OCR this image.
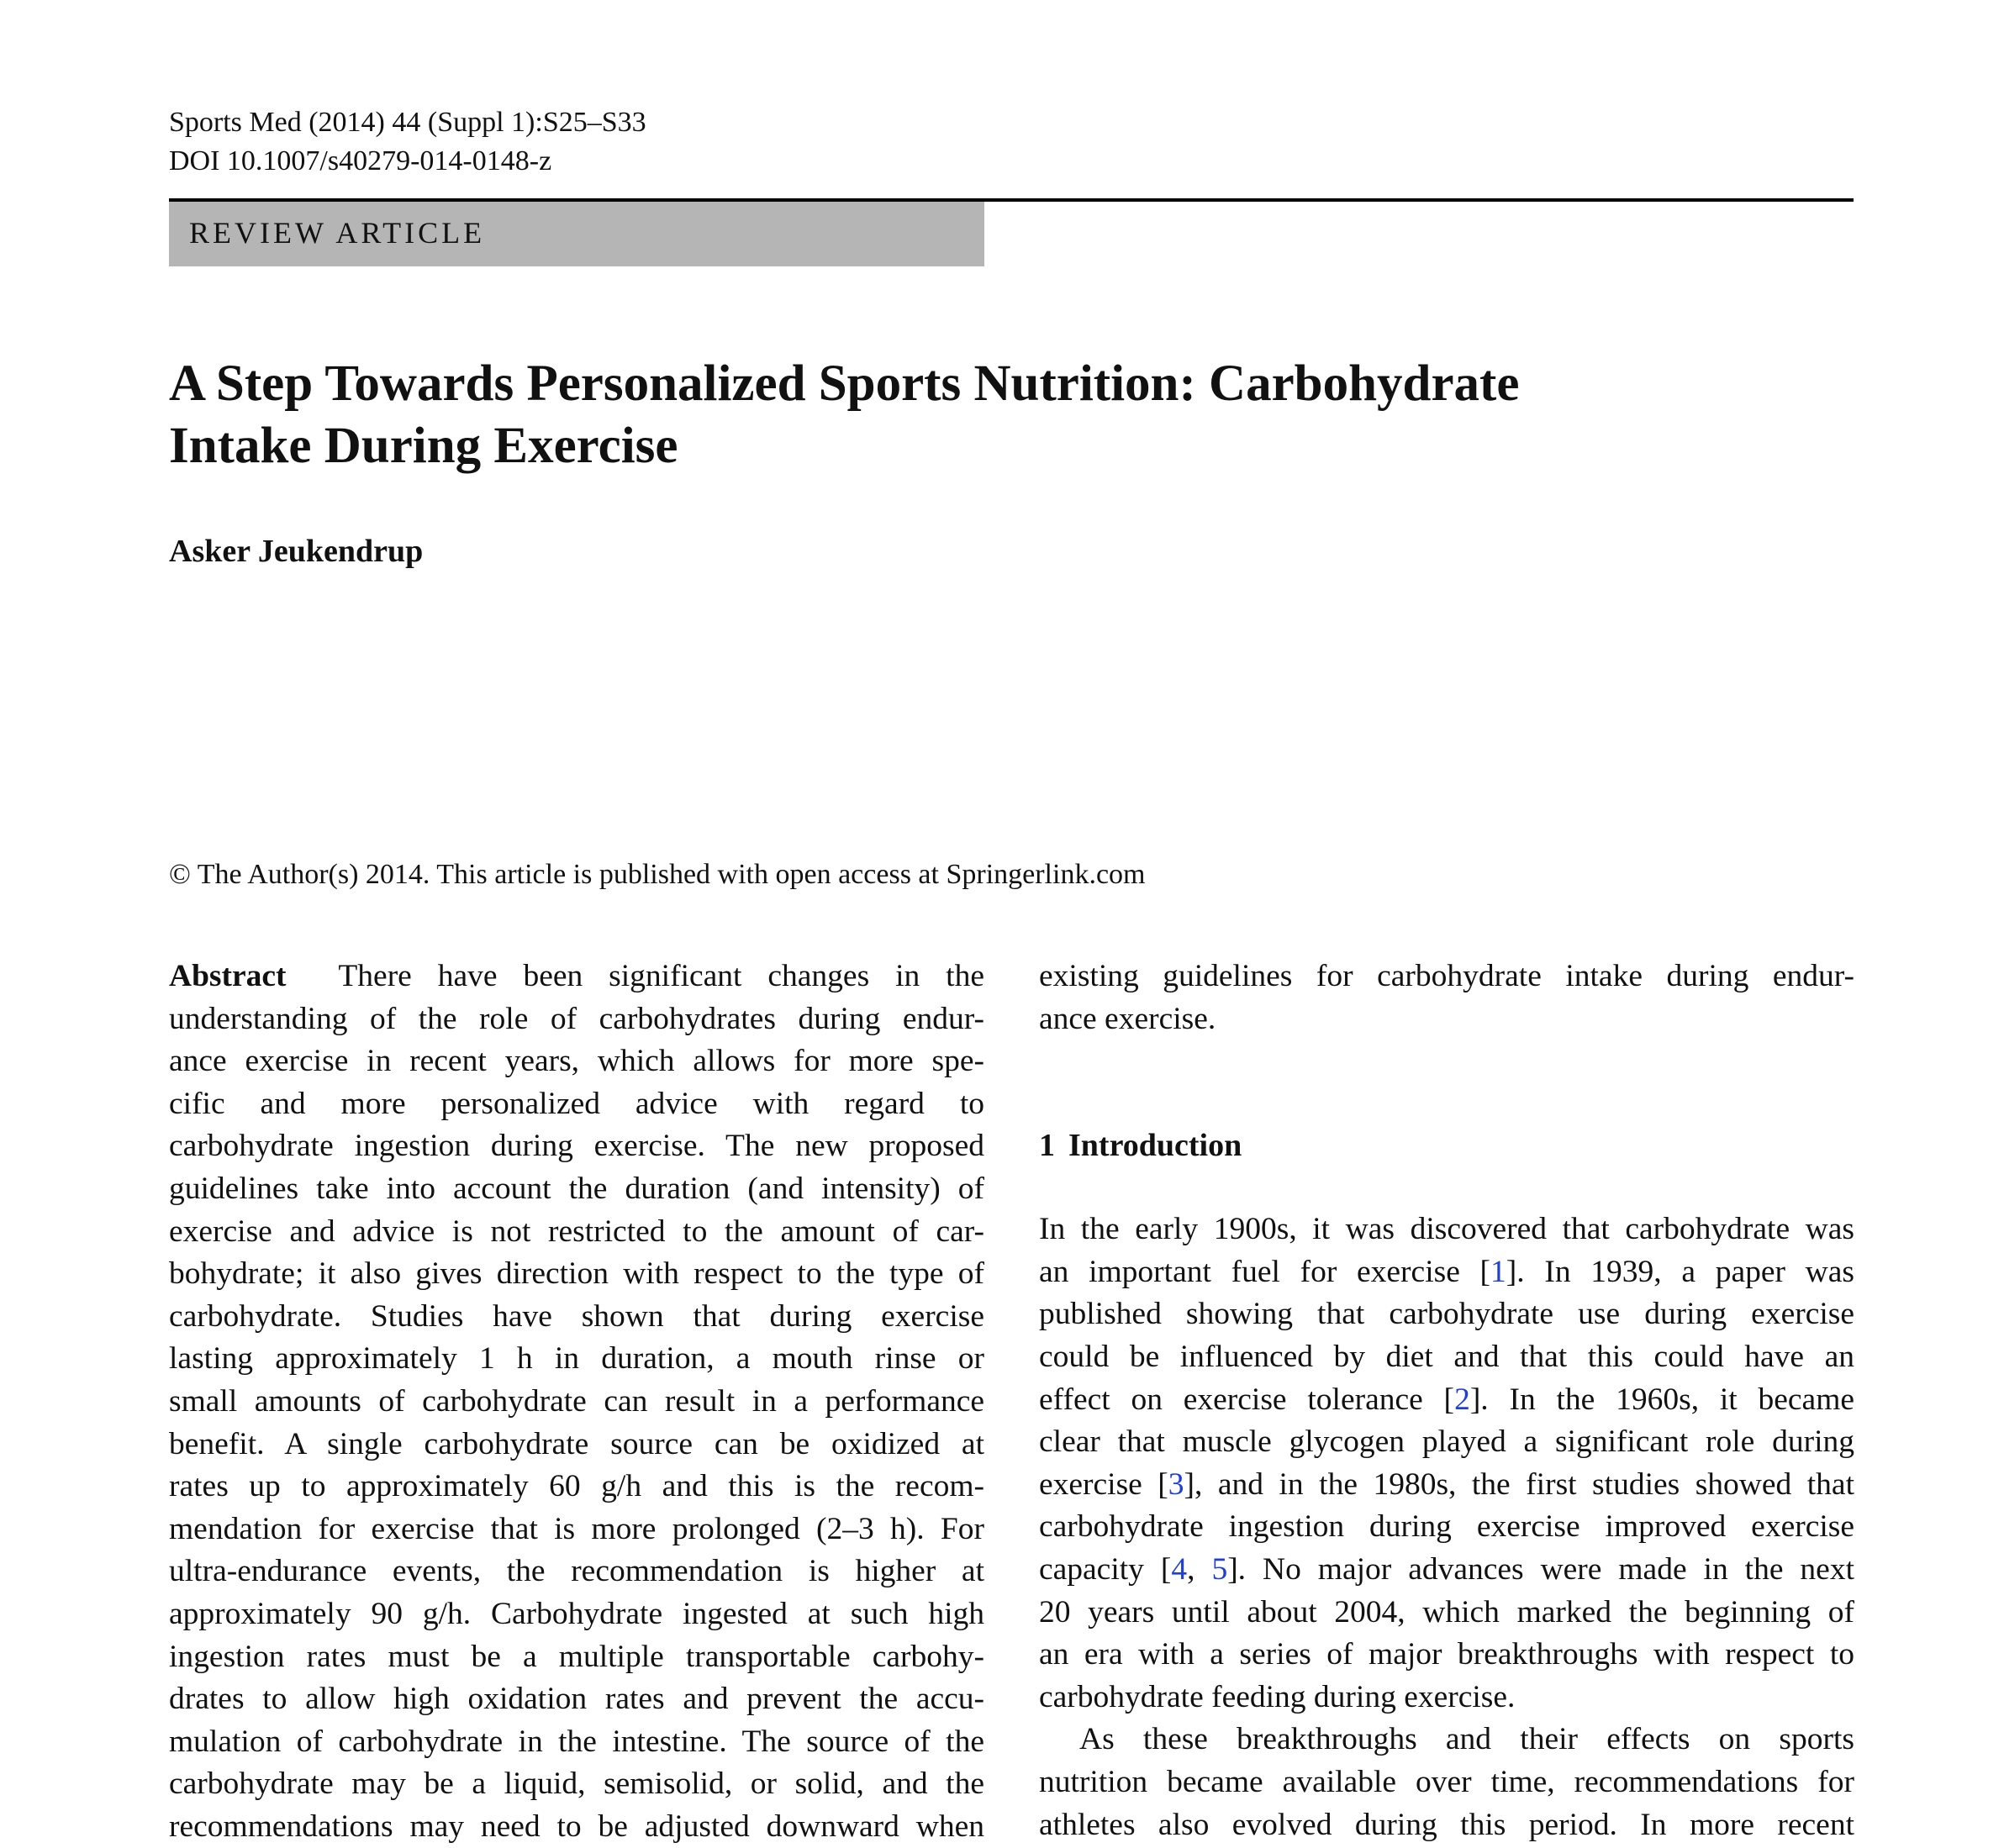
Sports Med (2014) 44 (Suppl 1):S25–S33
DOI 10.1007/s40279-014-0148-z
REVIEW ARTICLE
A Step Towards Personalized Sports Nutrition: Carbohydrate
Intake During Exercise
Asker Jeukendrup
© The Author(s) 2014. This article is published with open access at Springerlink.com
Abstract There have been significant changes in the
understanding of the role of carbohydrates during endur-
ance exercise in recent years, which allows for more spe-
cific and more personalized advice with regard to
carbohydrate ingestion during exercise. The new proposed
guidelines take into account the duration (and intensity) of
exercise and advice is not restricted to the amount of car-
bohydrate; it also gives direction with respect to the type of
carbohydrate. Studies have shown that during exercise
lasting approximately 1 h in duration, a mouth rinse or
small amounts of carbohydrate can result in a performance
benefit. A single carbohydrate source can be oxidized at
rates up to approximately 60 g/h and this is the recom-
mendation for exercise that is more prolonged (2–3 h). For
ultra-endurance events, the recommendation is higher at
approximately 90 g/h. Carbohydrate ingested at such high
ingestion rates must be a multiple transportable carbohy-
drates to allow high oxidation rates and prevent the accu-
mulation of carbohydrate in the intestine. The source of the
carbohydrate may be a liquid, semisolid, or solid, and the
recommendations may need to be adjusted downward when
existing guidelines for carbohydrate intake during endur-
ance exercise.
1 Introduction
In the early 1900s, it was discovered that carbohydrate was
an important fuel for exercise [1]. In 1939, a paper was
published showing that carbohydrate use during exercise
could be influenced by diet and that this could have an
effect on exercise tolerance [2]. In the 1960s, it became
clear that muscle glycogen played a significant role during
exercise [3], and in the 1980s, the first studies showed that
carbohydrate ingestion during exercise improved exercise
capacity [4, 5]. No major advances were made in the next
20 years until about 2004, which marked the beginning of
an era with a series of major breakthroughs with respect to
carbohydrate feeding during exercise.
As these breakthroughs and their effects on sports
nutrition became available over time, recommendations for
athletes also evolved during this period. In more recent
